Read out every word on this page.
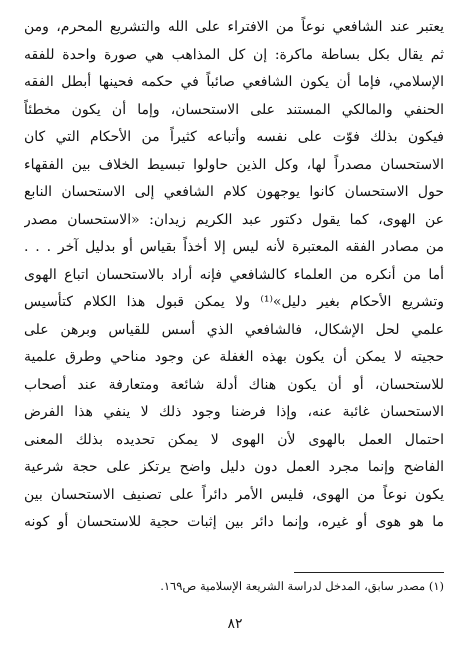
يعتبر عند الشافعي نوعاً من الافتراء على الله والتشريع المحرم، ومن
ثم يقال بكل بساطة ماكرة: إن كل المذاهب هي صورة واحدة للفقه
الإسلامي، فإما أن يكون الشافعي صائباً في حكمه فحينها أبطل الفقه
الحنفي والمالكي المستند على الاستحسان، وإما أن يكون مخطئاً
فيكون بذلك فوّت على نفسه وأتباعه كثيراً من الأحكام التي كان
الاستحسان مصدراً لها، وكل الذين حاولوا تبسيط الخلاف بين الفقهاء
حول الاستحسان كانوا يوجهون كلام الشافعي إلى الاستحسان النابع
عن الهوى، كما يقول دكتور عبد الكريم زيدان: «الاستحسان مصدر
من مصادر الفقه المعتبرة لأنه ليس إلا أخذاً بقياس أو بدليل آخر . . .
أما من أنكره من العلماء كالشافعي فإنه أراد بالاستحسان اتباع الهوى
وتشريع الأحكام بغير دليل»⁽¹⁾ ولا يمكن قبول هذا الكلام كتأسيس
علمي لحل الإشكال، فالشافعي الذي أسس للقياس وبرهن على
حجيته لا يمكن أن يكون بهذه الغفلة عن وجود مناحي وطرق علمية
للاستحسان، أو أن يكون هناك أدلة شائعة ومتعارفة عند أصحاب
الاستحسان غائبة عنه، وإذا فرضنا وجود ذلك لا ينفي هذا الفرض
احتمال العمل بالهوى لأن الهوى لا يمكن تحديده بذلك المعنى
الفاضح وإنما مجرد العمل دون دليل واضح يرتكز على حجة شرعية
يكون نوعاً من الهوى، فليس الأمر دائراً على تصنيف الاستحسان بين
ما هو هوى أو غيره، وإنما دائر بين إثبات حجية للاستحسان أو كونه
(١) مصدر سابق، المدخل لدراسة الشريعة الإسلامية ص١٦٩.
٨٢
